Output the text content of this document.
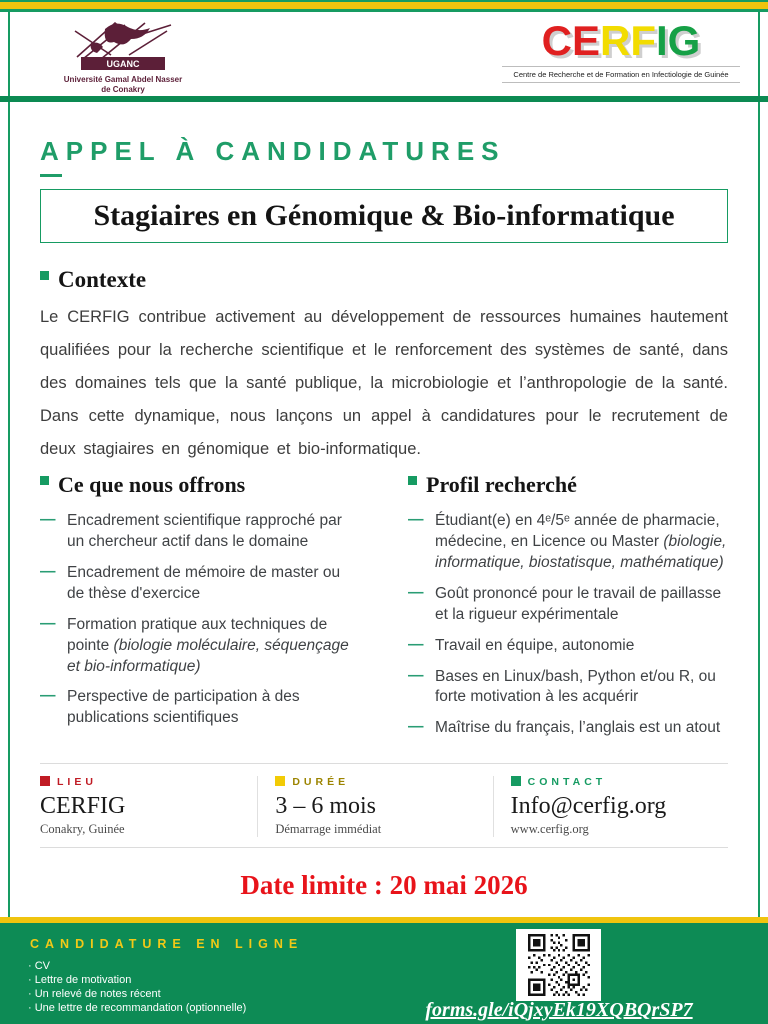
UGANC
Université Gamal Abdel Nasser
de Conakry
CERFIG
Centre de Recherche et de Formation en Infectiologie de Guinée
APPEL À CANDIDATURES
Stagiaires en Génomique & Bio-informatique
Contexte

Le CERFIG contribue activement au développement de ressources humaines hautement qualifiées pour la recherche scientifique et le renforcement des systèmes de santé, dans des domaines tels que la santé publique, la microbiologie et l’anthropologie de la santé. Dans cette dynamique, nous lançons un appel à candidatures pour le recrutement de deux stagiaires en génomique et bio-informatique.

Ce que nous offrons
— Encadrement scientifique rapproché par un chercheur actif dans le domaine
— Encadrement de mémoire de master ou de thèse d'exercice
— Formation pratique aux techniques de pointe (biologie moléculaire, séquençage et bio-informatique)
— Perspective de participation à des publications scientifiques
Profil recherché
— Étudiant(e) en 4ᵉ/5ᵉ année de pharmacie, médecine, en Licence ou Master (biologie, informatique, biostatisque, mathématique)
— Goût prononcé pour le travail de paillasse et la rigueur expérimentale
— Travail en équipe, autonomie
— Bases en Linux/bash, Python et/ou R, ou forte motivation à les acquérir
— Maîtrise du français, l’anglais est un atout
LIEU
CERFIG
Conakry, Guinée
DURÉE
3 – 6 mois
Démarrage immédiat
CONTACT
Info@cerfig.org
www.cerfig.org
Date limite : 20 mai 2026
CANDIDATURE EN LIGNE
· CV
· Lettre de motivation
· Un relevé de notes récent
· Une lettre de recommandation (optionnelle)	forms.gle/iQjxyEk19XQBQrSP7
